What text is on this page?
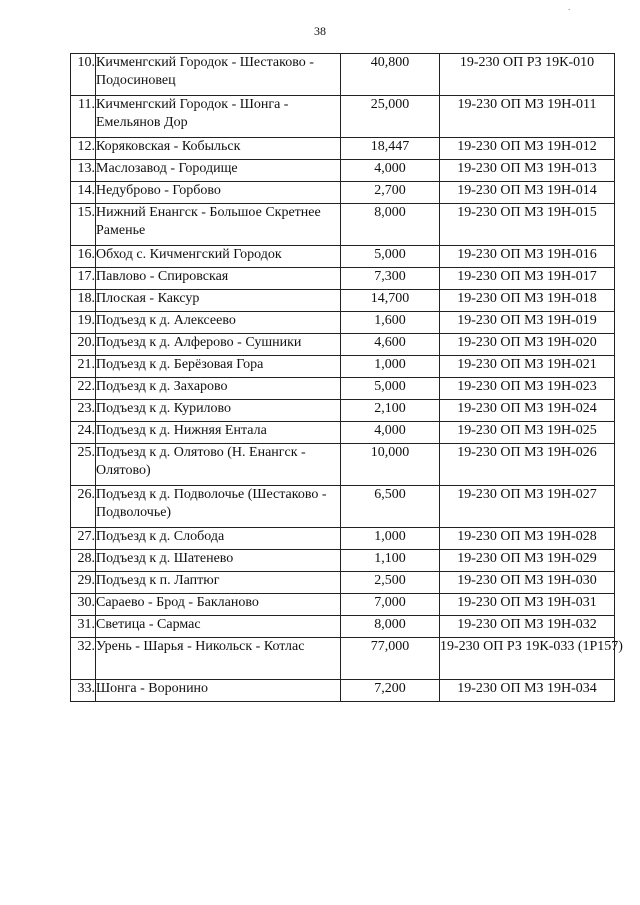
38
.
10.	Кичменгский Городок - Шестаково - Подосиновец	40,800	19-230 ОП РЗ 19К-010
11.	Кичменгский Городок - Шонга - Емельянов Дор	25,000	19-230 ОП МЗ 19Н-011
12.	Коряковская - Кобыльск	18,447	19-230 ОП МЗ 19Н-012
13.	Маслозавод - Городище	4,000	19-230 ОП МЗ 19Н-013
14.	Недуброво - Горбово	2,700	19-230 ОП МЗ 19Н-014
15.	Нижний Енангск - Большое Скретнее Раменье	8,000	19-230 ОП МЗ 19Н-015
16.	Обход с. Кичменгский Городок	5,000	19-230 ОП МЗ 19Н-016
17.	Павлово - Спировская	7,300	19-230 ОП МЗ 19Н-017
18.	Плоская - Каксур	14,700	19-230 ОП МЗ 19Н-018
19.	Подъезд к д. Алексеево	1,600	19-230 ОП МЗ 19Н-019
20.	Подъезд к д. Алферово - Сушники	4,600	19-230 ОП МЗ 19Н-020
21.	Подъезд к д. Берёзовая Гора	1,000	19-230 ОП МЗ 19Н-021
22.	Подъезд к д. Захарово	5,000	19-230 ОП МЗ 19Н-023
23.	Подъезд к д. Курилово	2,100	19-230 ОП МЗ 19Н-024
24.	Подъезд к д. Нижняя Ентала	4,000	19-230 ОП МЗ 19Н-025
25.	Подъезд к д. Олятово (Н. Енангск - Олятово)	10,000	19-230 ОП МЗ 19Н-026
26.	Подъезд к д. Подволочье (Шестаково - Подволочье)	6,500	19-230 ОП МЗ 19Н-027
27.	Подъезд к д. Слобода	1,000	19-230 ОП МЗ 19Н-028
28.	Подъезд к д. Шатенево	1,100	19-230 ОП МЗ 19Н-029
29.	Подъезд к п. Лаптюг	2,500	19-230 ОП МЗ 19Н-030
30.	Сараево - Брод - Бакланово	7,000	19-230 ОП МЗ 19Н-031
31.	Светица - Сармас	8,000	19-230 ОП МЗ 19Н-032
32.	Урень - Шарья - Никольск - Котлас	77,000	19-230 ОП РЗ 19К-033 (1Р157)
33.	Шонга - Воронино	7,200	19-230 ОП МЗ 19Н-034
